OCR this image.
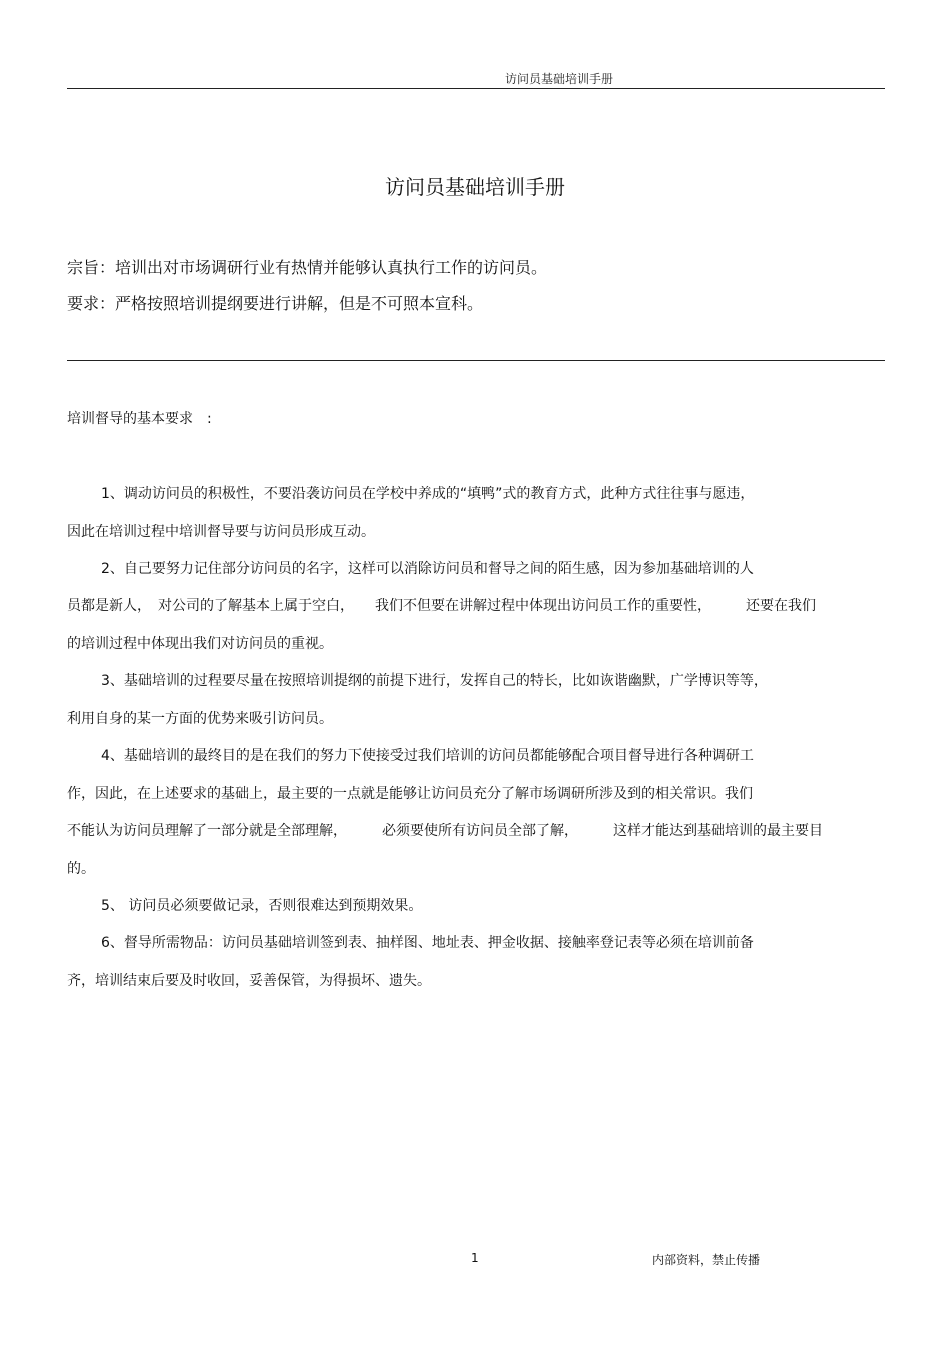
访问员基础培训手册
访问员基础培训手册
宗旨：培训出对市场调研行业有热情并能够认真执行工作的访问员。
要求：严格按照培训提纲要进行讲解，但是不可照本宣科。
培训督导的基本要求　:
1、调动访问员的积极性，不要沿袭访问员在学校中养成的“填鸭”式的教育方式，此种方式往往事与愿违，
因此在培训过程中培训督导要与访问员形成互动。
2、自己要努力记住部分访问员的名字，这样可以消除访问员和督导之间的陌生感，因为参加基础培训的人
员都是新人，　对公司的了解基本上属于空白，　　我们不但要在讲解过程中体现出访问员工作的重要性，　　　还要在我们
的培训过程中体现出我们对访问员的重视。
3、基础培训的过程要尽量在按照培训提纲的前提下进行，发挥自己的特长，比如诙谐幽默，广学博识等等，
利用自身的某一方面的优势来吸引访问员。
4、基础培训的最终目的是在我们的努力下使接受过我们培训的访问员都能够配合项目督导进行各种调研工
作，因此，在上述要求的基础上，最主要的一点就是能够让访问员充分了解市场调研所涉及到的相关常识。我们
不能认为访问员理解了一部分就是全部理解，　　　必须要使所有访问员全部了解，　　　这样才能达到基础培训的最主要目
的。
5、 访问员必须要做记录，否则很难达到预期效果。
6、督导所需物品：访问员基础培训签到表、抽样图、地址表、押金收据、接触率登记表等必须在培训前备
齐，培训结束后要及时收回，妥善保管，为得损坏、遗失。
1	内部资料，禁止传播
